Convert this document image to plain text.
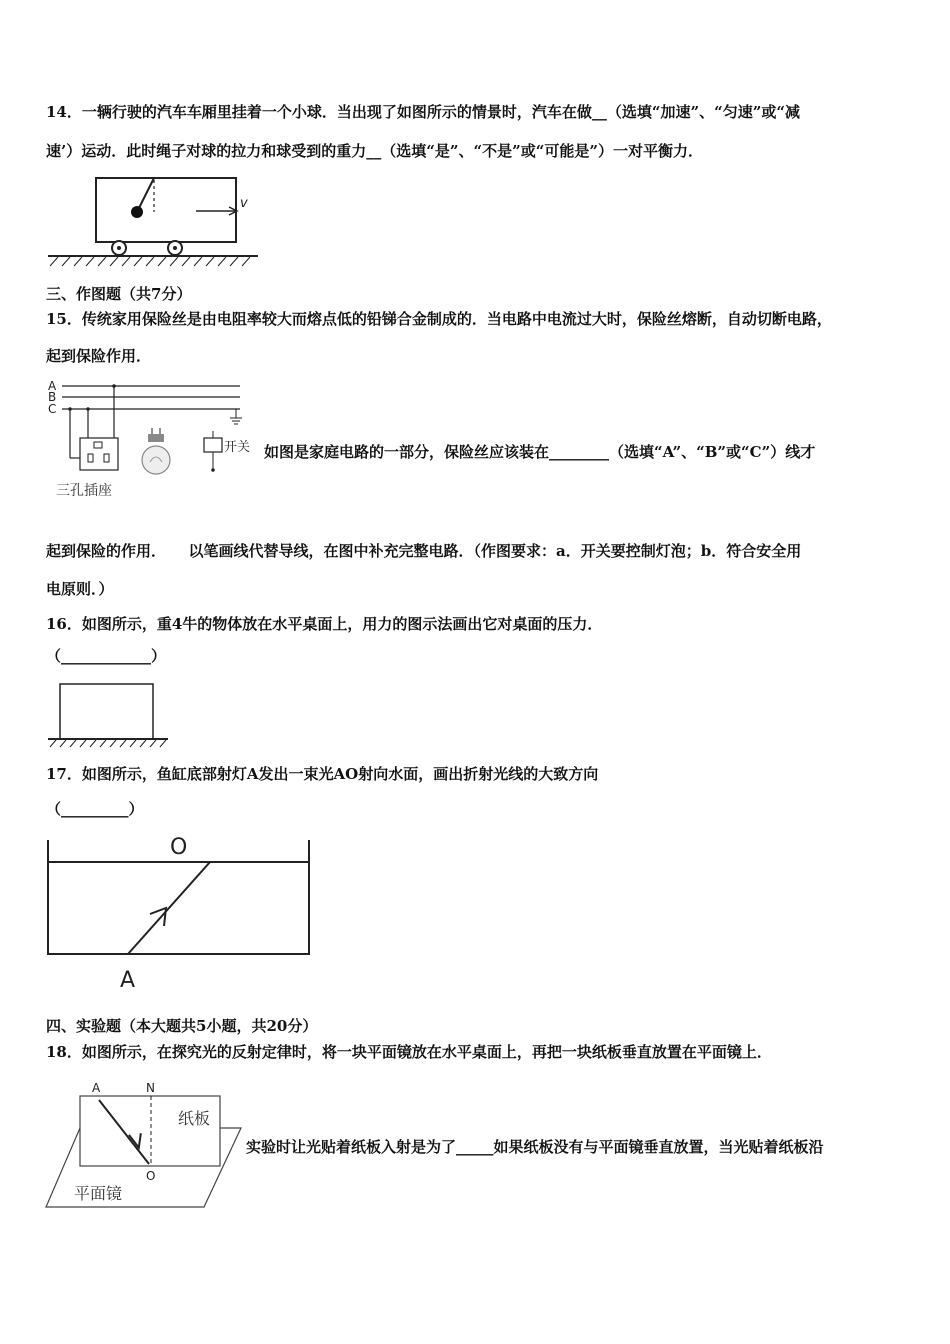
14．一辆行驶的汽车车厢里挂着一个小球．当出现了如图所示的情景时，汽车在做__（选填“加速”、“匀速”或“减
速’）运动．此时绳子对球的拉力和球受到的重力__（选填“是”、“不是”或“可能是”）一对平衡力．
v
三、作图题（共7分）
15．传统家用保险丝是由电阻率较大而熔点低的铅锑合金制成的．当电路中电流过大时，保险丝熔断，自动切断电路，
起到保险作用．
A
B
C
三孔插座
开关 如图是家庭电路的一部分，保险丝应该装在________（选填“A”、“B”或“C”）线才
起到保险的作用．　　以笔画线代替导线，在图中补充完整电路．（作图要求：a．开关要控制灯泡；b．符合安全用
电原则．）
16．如图所示，重4牛的物体放在水平桌面上，用力的图示法画出它对桌面的压力．
（____________）
17．如图所示，鱼缸底部射灯A发出一束光AO射向水面，画出折射光线的大致方向
（_________）
O
A
四、实验题（本大题共5小题，共20分）
18．如图所示，在探究光的反射定律时，将一块平面镜放在水平桌面上，再把一块纸板垂直放置在平面镜上．
A	N
O
纸板
平面镜
实验时让光贴着纸板入射是为了_____如果纸板没有与平面镜垂直放置，当光贴着纸板沿
